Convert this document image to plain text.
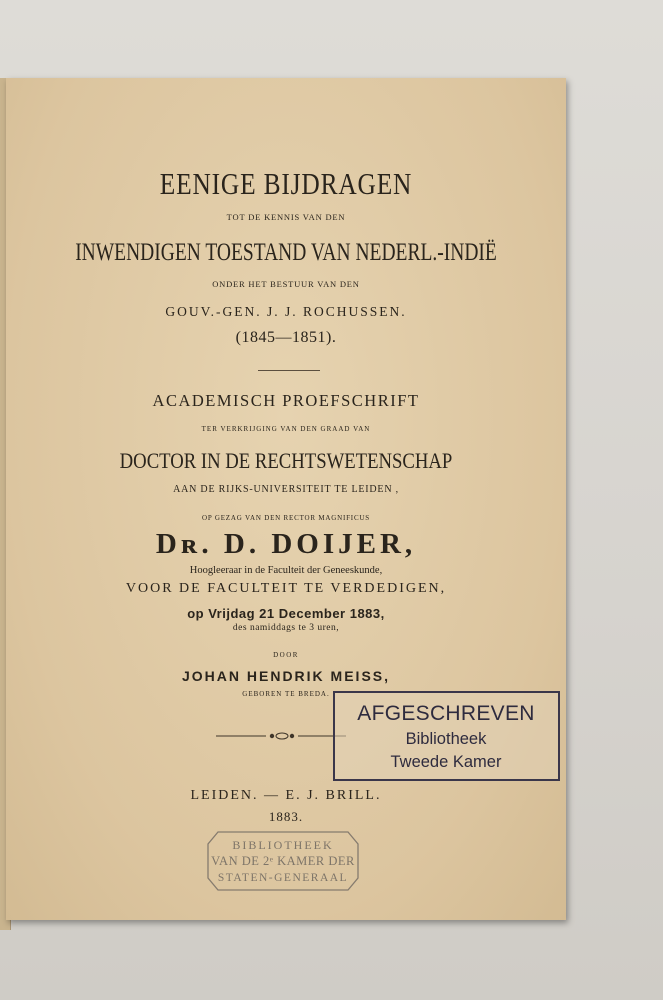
EENIGE BIJDRAGEN
TOT DE KENNIS VAN DEN
INWENDIGEN TOESTAND VAN NEDERL.-INDIË
ONDER HET BESTUUR VAN DEN
GOUV.-GEN. J. J. ROCHUSSEN.
(1845—1851).
ACADEMISCH PROEFSCHRIFT
TER VERKRIJGING VAN DEN GRAAD VAN
DOCTOR IN DE RECHTSWETENSCHAP
AAN DE RIJKS-UNIVERSITEIT TE LEIDEN ,
OP GEZAG VAN DEN RECTOR MAGNIFICUS
Dʀ. D. DOIJER,
Hoogleeraar in de Faculteit der Geneeskunde,
VOOR DE FACULTEIT TE VERDEDIGEN,
op Vrijdag 21 December 1883,
des namiddags te 3 uren,
DOOR
JOHAN HENDRIK MEISS,
GEBOREN TE BREDA.
LEIDEN. — E. J. BRILL.
1883.
BIBLIOTHEEK
VAN DE 2ᵉ KAMER DER
STATEN-GENERAAL
AFGESCHREVEN
Bibliotheek
Tweede Kamer
